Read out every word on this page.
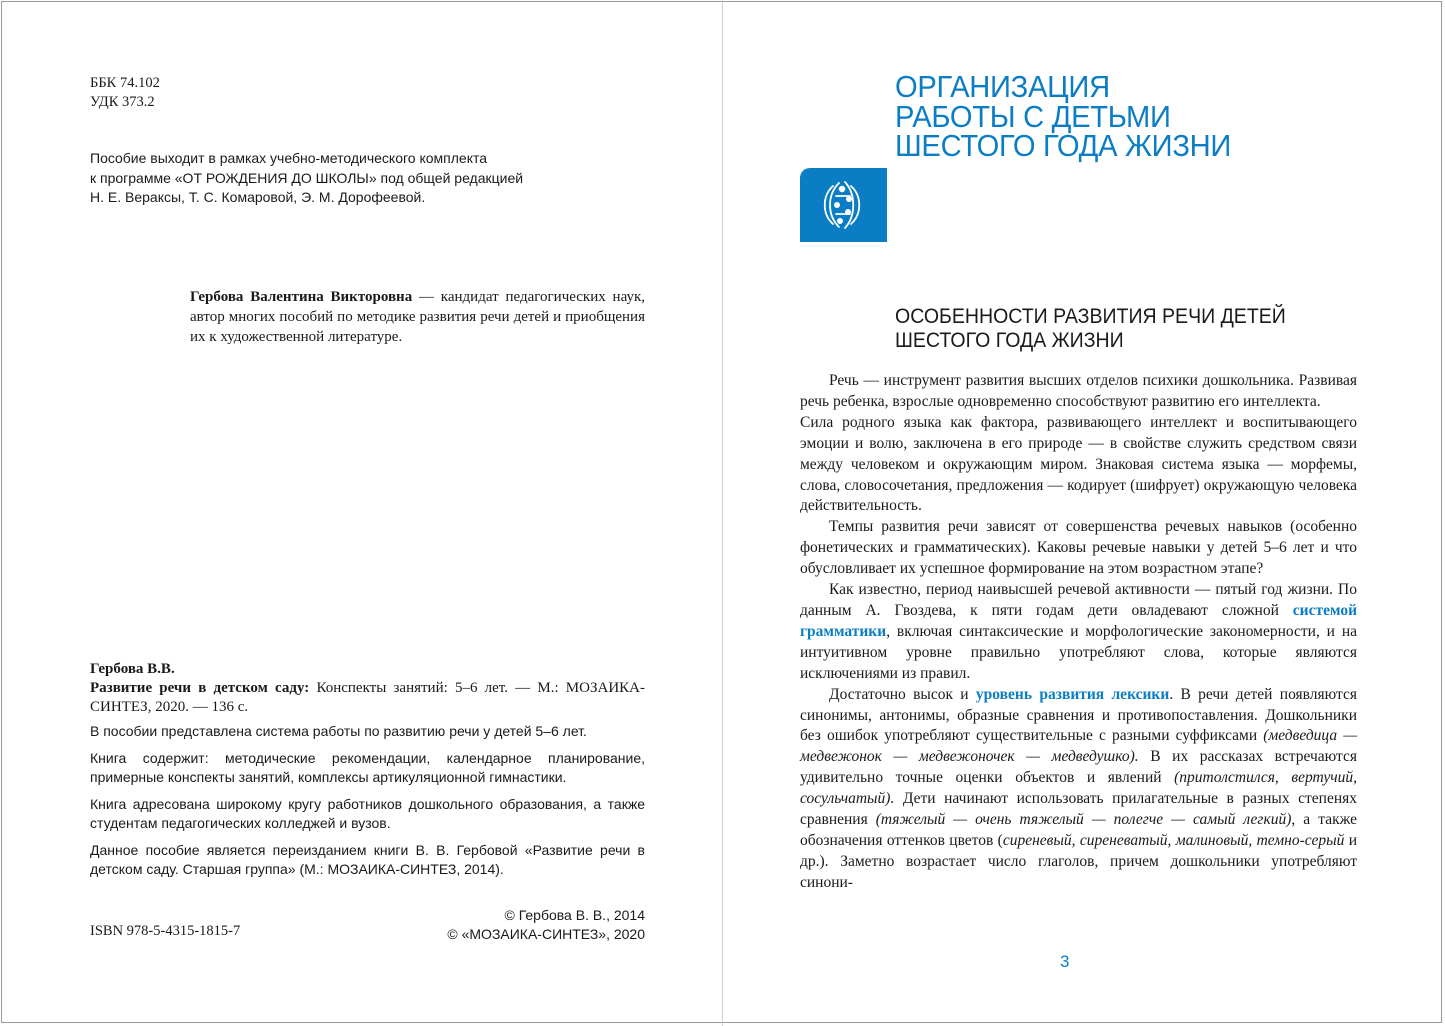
ББК 74.102
УДК 373.2
Пособие выходит в рамках учебно-методического комплекта
к программе «ОТ РОЖДЕНИЯ ДО ШКОЛЫ» под общей редакцией
Н. Е. Вераксы, Т. С. Комаровой, Э. М. Дорофеевой.
Гербова Валентина Викторовна — кандидат педагогических наук, автор многих пособий по методике развития речи детей и приобщения их к художественной литературе.
Гербова В.В.
Развитие речи в детском саду: Конспекты занятий: 5–6 лет. — М.: МОЗАИКА-СИНТЕЗ, 2020. — 136 с.

В пособии представлена система работы по развитию речи у детей 5–6 лет.

Книга содержит: методические рекомендации, календарное планирование, примерные конспекты занятий, комплексы артикуляционной гимнастики.

Книга адресована широкому кругу работников дошкольного образования, а также студентам педагогических колледжей и вузов.

Данное пособие является переизданием книги В. В. Гербовой «Развитие речи в детском саду. Старшая группа» (М.: МОЗАИКА-СИНТЕЗ, 2014).

ISBN 978-5-4315-1815-7
© Гербова В. В., 2014
© «МОЗАИКА-СИНТЕЗ», 2020
ОРГАНИЗАЦИЯ
РАБОТЫ С ДЕТЬМИ
ШЕСТОГО ГОДА ЖИЗНИ
ОСОБЕННОСТИ РАЗВИТИЯ РЕЧИ ДЕТЕЙ
ШЕСТОГО ГОДА ЖИЗНИ

Речь — инструмент развития высших отделов психики дошкольника. Развивая речь ребенка, взрослые одновременно способствуют развитию его интеллекта.

Сила родного языка как фактора, развивающего интеллект и воспитывающего эмоции и волю, заключена в его природе — в свойстве служить средством связи между человеком и окружающим миром. Знаковая система языка — морфемы, слова, словосочетания, предложения — кодирует (шифрует) окружающую человека действительность.

Темпы развития речи зависят от совершенства речевых навыков (особенно фонетических и грамматических). Каковы речевые навыки у детей 5–6 лет и что обусловливает их успешное формирование на этом возрастном этапе?

Как известно, период наивысшей речевой активности — пятый год жизни. По данным А. Гвоздева, к пяти годам дети овладевают сложной системой грамматики, включая синтаксические и морфологические закономерности, и на интуитивном уровне правильно употребляют слова, которые являются исключениями из правил.

Достаточно высок и уровень развития лексики. В речи детей появляются синонимы, антонимы, образные сравнения и противопоставления. Дошкольники без ошибок употребляют существительные с разными суффиксами (медведица — медвежонок — медвежоночек — медведушко). В их рассказах встречаются удивительно точные оценки объектов и явлений (притолстился, вертучий, сосульчатый). Дети начинают использовать прилагательные в разных степенях сравнения (тяжелый — очень тяжелый — полегче — самый легкий), а также обозначения оттенков цветов (сиреневый, сиреневатый, малиновый, темно-серый и др.). Заметно возрастает число глаголов, причем дошкольники употребляют синони-

3
